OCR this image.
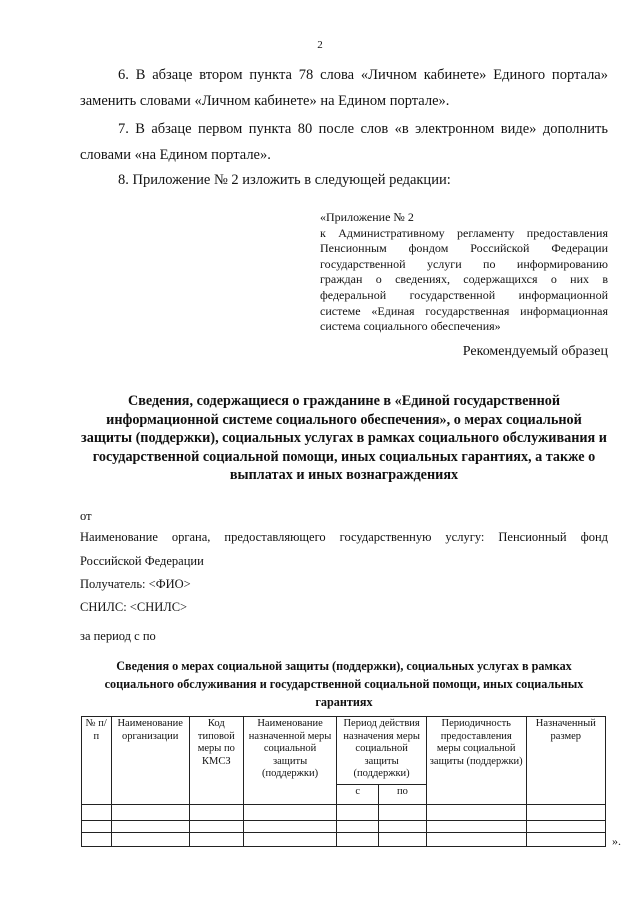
2
6. В абзаце втором пункта 78 слова «Личном кабинете» Единого портала» заменить словами «Личном кабинете» на Едином портале».
7. В абзаце первом пункта 80 после слов «в электронном виде» дополнить словами «на Едином портале».
8. Приложение № 2 изложить в следующей редакции:
«Приложение № 2
к Административному регламенту предоставления
Пенсионным фондом Российской Федерации
государственной услуги по информированию
граждан о сведениях, содержащихся о них в
федеральной государственной информационной
системе «Единая государственная информационная
система социального обеспечения»
Рекомендуемый образец
Сведения, содержащиеся о гражданине в «Единой государственной информационной системе социального обеспечения», о мерах социальной защиты (поддержки), социальных услугах в рамках социального обслуживания и государственной социальной помощи, иных социальных гарантиях, а также о выплатах и иных вознаграждениях
от
Наименование органа, предоставляющего государственную услугу: Пенсионный фонд
Российской Федерации
Получатель: <ФИО>
СНИЛС: <СНИЛС>
за период с по
Сведения о мерах социальной защиты (поддержки), социальных услугах в рамках социального обслуживания и государственной социальной помощи, иных социальных гарантиях
№ п/п	Наименование организации	Код типовой меры по КМСЗ	Наименование назначенной меры социальной защиты (поддержки)	Период действия назначения меры социальной защиты (поддержки)		Периодичность предоставления меры социальной защиты (поддержки)	Назначенный размер
				с	по		

».
